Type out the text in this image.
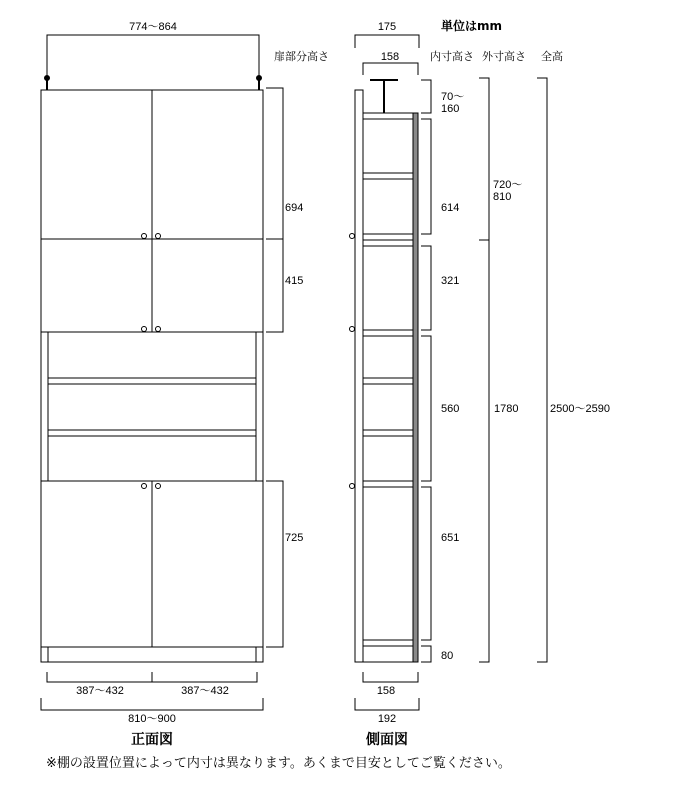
単位はmm
扉部分高さ	内寸高さ 外寸高さ 全高
774～864
694
415
725
387～432	387～432
810～900
正面図
175
158
70～ 160
614
321
560
651
80
720～ 810
1780	2500～2590
158
192
側面図
※棚の設置位置によって内寸は異なります。あくまで目安としてご覧ください。
